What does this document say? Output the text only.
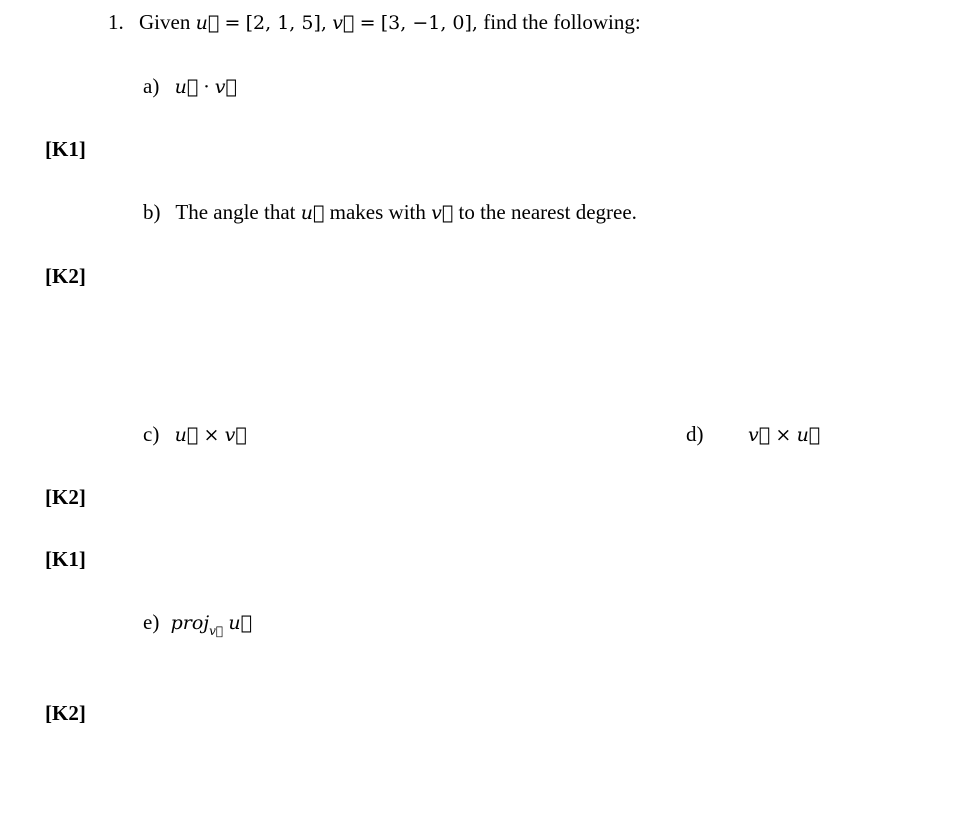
1. Given u⃗ = [2, 1, 5], v⃗ = [3, −1, 0], find the following:
a) u⃗ · v⃗
[K1]
b) The angle that u⃗ makes with v⃗ to the nearest degree.
[K2]
c) u⃗ × v⃗	d) v⃗ × u⃗
[K2]
[K1]
e) proj$_{v⃗}$ u⃗
[K2]
